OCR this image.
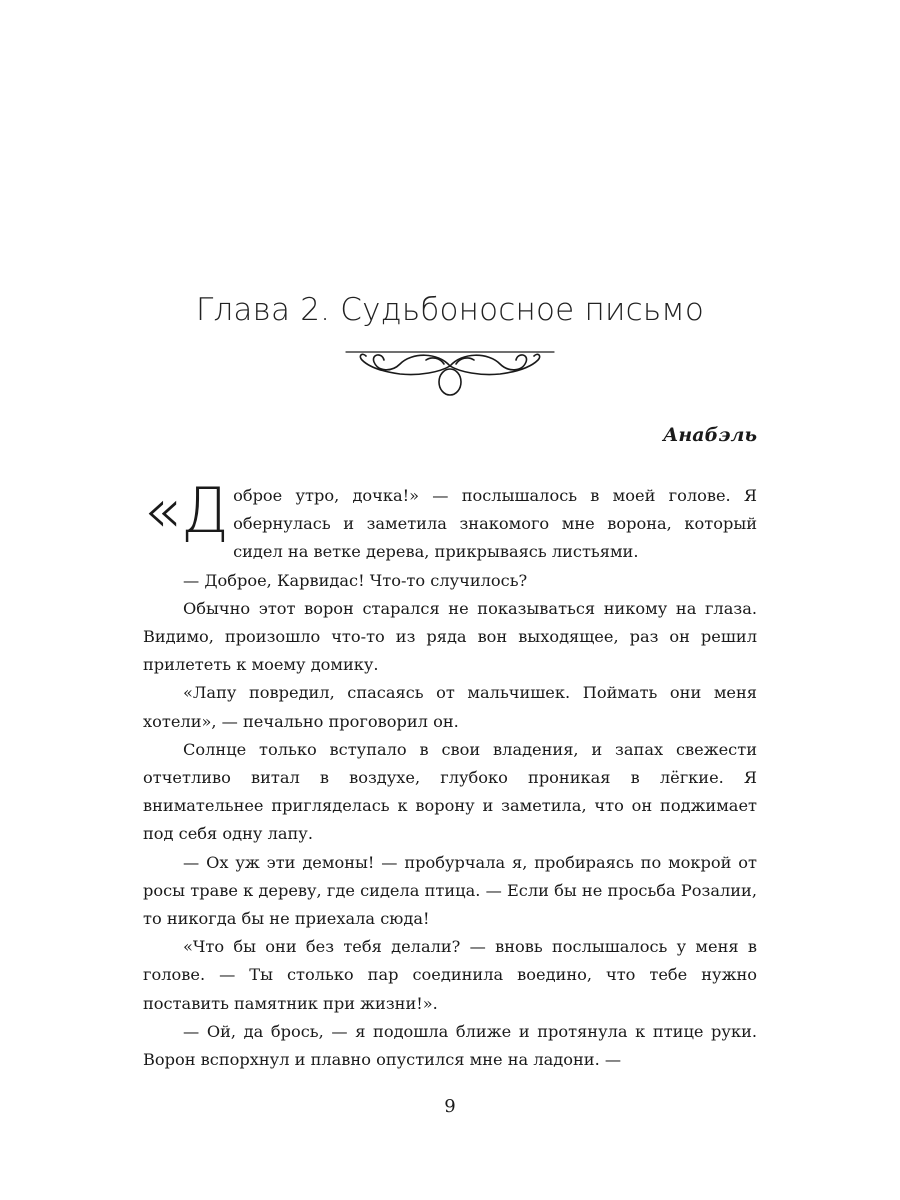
Глава 2. Судьбоносное письмо
Анабэль

«Доброе утро, дочка!» — послышалось в моей голове. Я обернулась и заметила знакомого мне ворона, который сидел на ветке дерева, прикрываясь листьями.

— Доброе, Карвидас! Что-то случилось?

Обычно этот ворон старался не показываться никому на глаза. Видимо, произошло что-то из ряда вон выходящее, раз он решил прилететь к моему домику.

«Лапу повредил, спасаясь от мальчишек. Поймать они меня хотели», — печально проговорил он.

Солнце только вступало в свои владения, и запах свежести отчетливо витал в воздухе, глубоко проникая в лёгкие. Я внимательнее пригляделась к ворону и заметила, что он поджимает под себя одну лапу.

— Ох уж эти демоны! — пробурчала я, пробираясь по мокрой от росы траве к дереву, где сидела птица. — Если бы не просьба Розалии, то никогда бы не приехала сюда!

«Что бы они без тебя делали? — вновь послышалось у меня в голове. — Ты столько пар соединила воедино, что тебе нужно поставить памятник при жизни!».

— Ой, да брось, — я подошла ближе и протянула к птице руки. Ворон вспорхнул и плавно опустился мне на ладони. —

9
